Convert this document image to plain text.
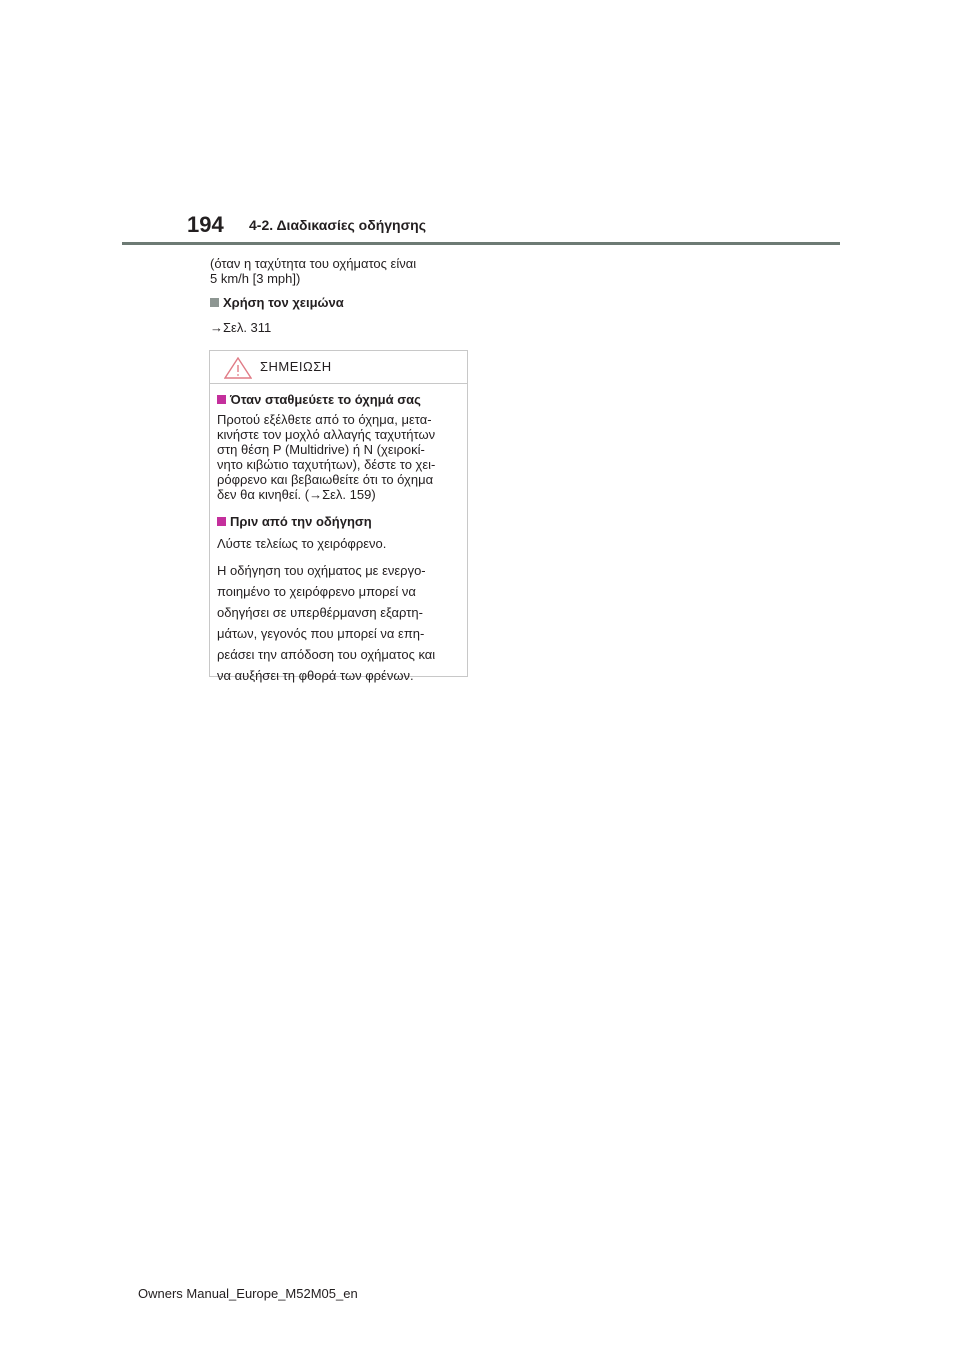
194 4-2. Διαδικασίες οδήγησης

(όταν η ταχύτητα του οχήματος είναι

5 km/h [3 mph])

Χρήση τον χειμώνα

→Σελ. 311

ΣΗΜΕΙΩΣΗ

Όταν σταθμεύετε το όχημά σας

Προτού εξέλθετε από το όχημα, μετα-
κινήστε τον μοχλό αλλαγής ταχυτήτων
στη θέση P (Multidrive) ή N (χειροκί-
νητο κιβώτιο ταχυτήτων), δέστε το χει-
ρόφρενο και βεβαιωθείτε ότι το όχημα
δεν θα κινηθεί. (→Σελ. 159)

Πριν από την οδήγηση

Λύστε τελείως το χειρόφρενο.
Η οδήγηση του οχήματος με ενεργο-
ποιημένο το χειρόφρενο μπορεί να
οδηγήσει σε υπερθέρμανση εξαρτη-
μάτων, γεγονός που μπορεί να επη-
ρεάσει την απόδοση του οχήματος και
να αυξήσει τη φθορά των φρένων.
Owners Manual_Europe_M52M05_en
